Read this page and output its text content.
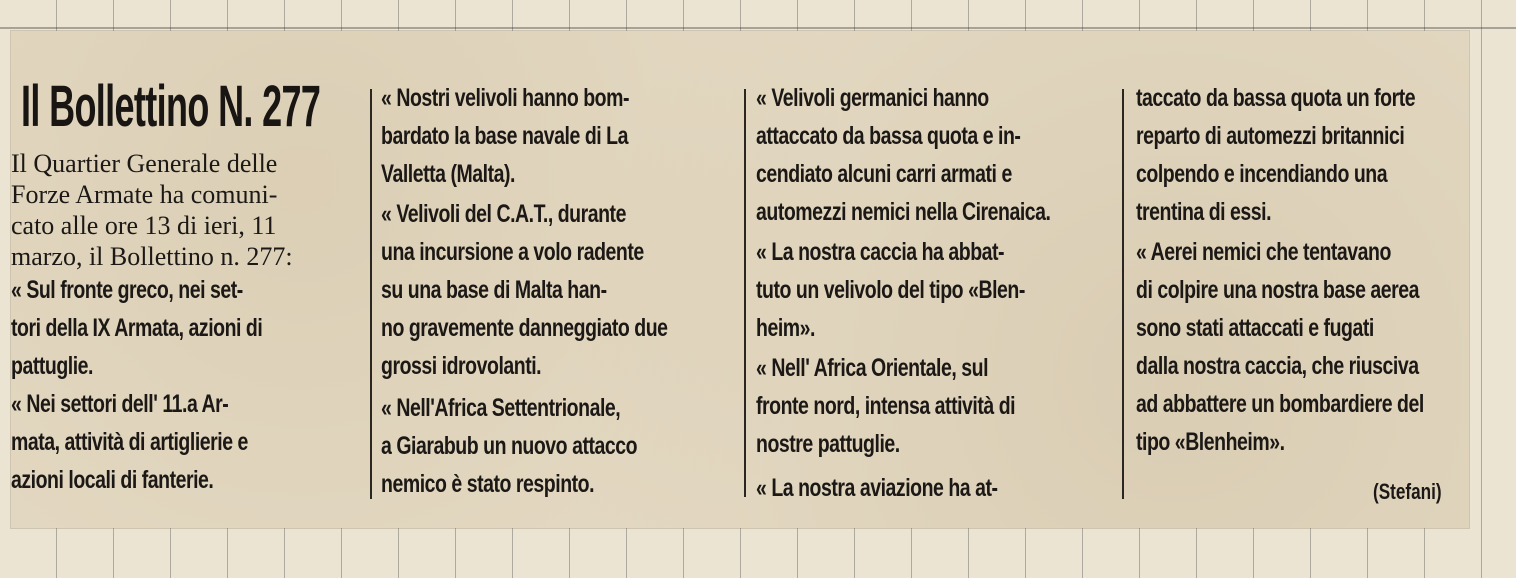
Il Bollettino N. 277
Il Quartier Generale delle
Forze Armate ha comuni-
cato alle ore 13 di ieri, 11
marzo, il Bollettino n. 277:
« Sul fronte greco, nei set-
tori della IX Armata, azioni di
pattuglie.
« Nei settori dell' 11.a Ar-
mata, attività di artiglierie e
azioni locali di fanterie.
« Nostri velivoli hanno bom-
bardato la base navale di La
Valletta (Malta).
« Velivoli del C.A.T., durante
una incursione a volo radente
su una base di Malta han-
no gravemente danneggiato due
grossi idrovolanti.
« Nell'Africa Settentrionale,
a Giarabub un nuovo attacco
nemico è stato respinto.
« Velivoli germanici hanno
attaccato da bassa quota e in-
cendiato alcuni carri armati e
automezzi nemici nella Cirenaica.
« La nostra caccia ha abbat-
tuto un velivolo del tipo «Blen-
heim».
« Nell' Africa Orientale, sul
fronte nord, intensa attività di
nostre pattuglie.
« La nostra aviazione ha at-
taccato da bassa quota un forte
reparto di automezzi britannici
colpendo e incendiando una
trentina di essi.
« Aerei nemici che tentavano
di colpire una nostra base aerea
sono stati attaccati e fugati
dalla nostra caccia, che riusciva
ad abbattere un bombardiere del
tipo «Blenheim».
(Stefani)
